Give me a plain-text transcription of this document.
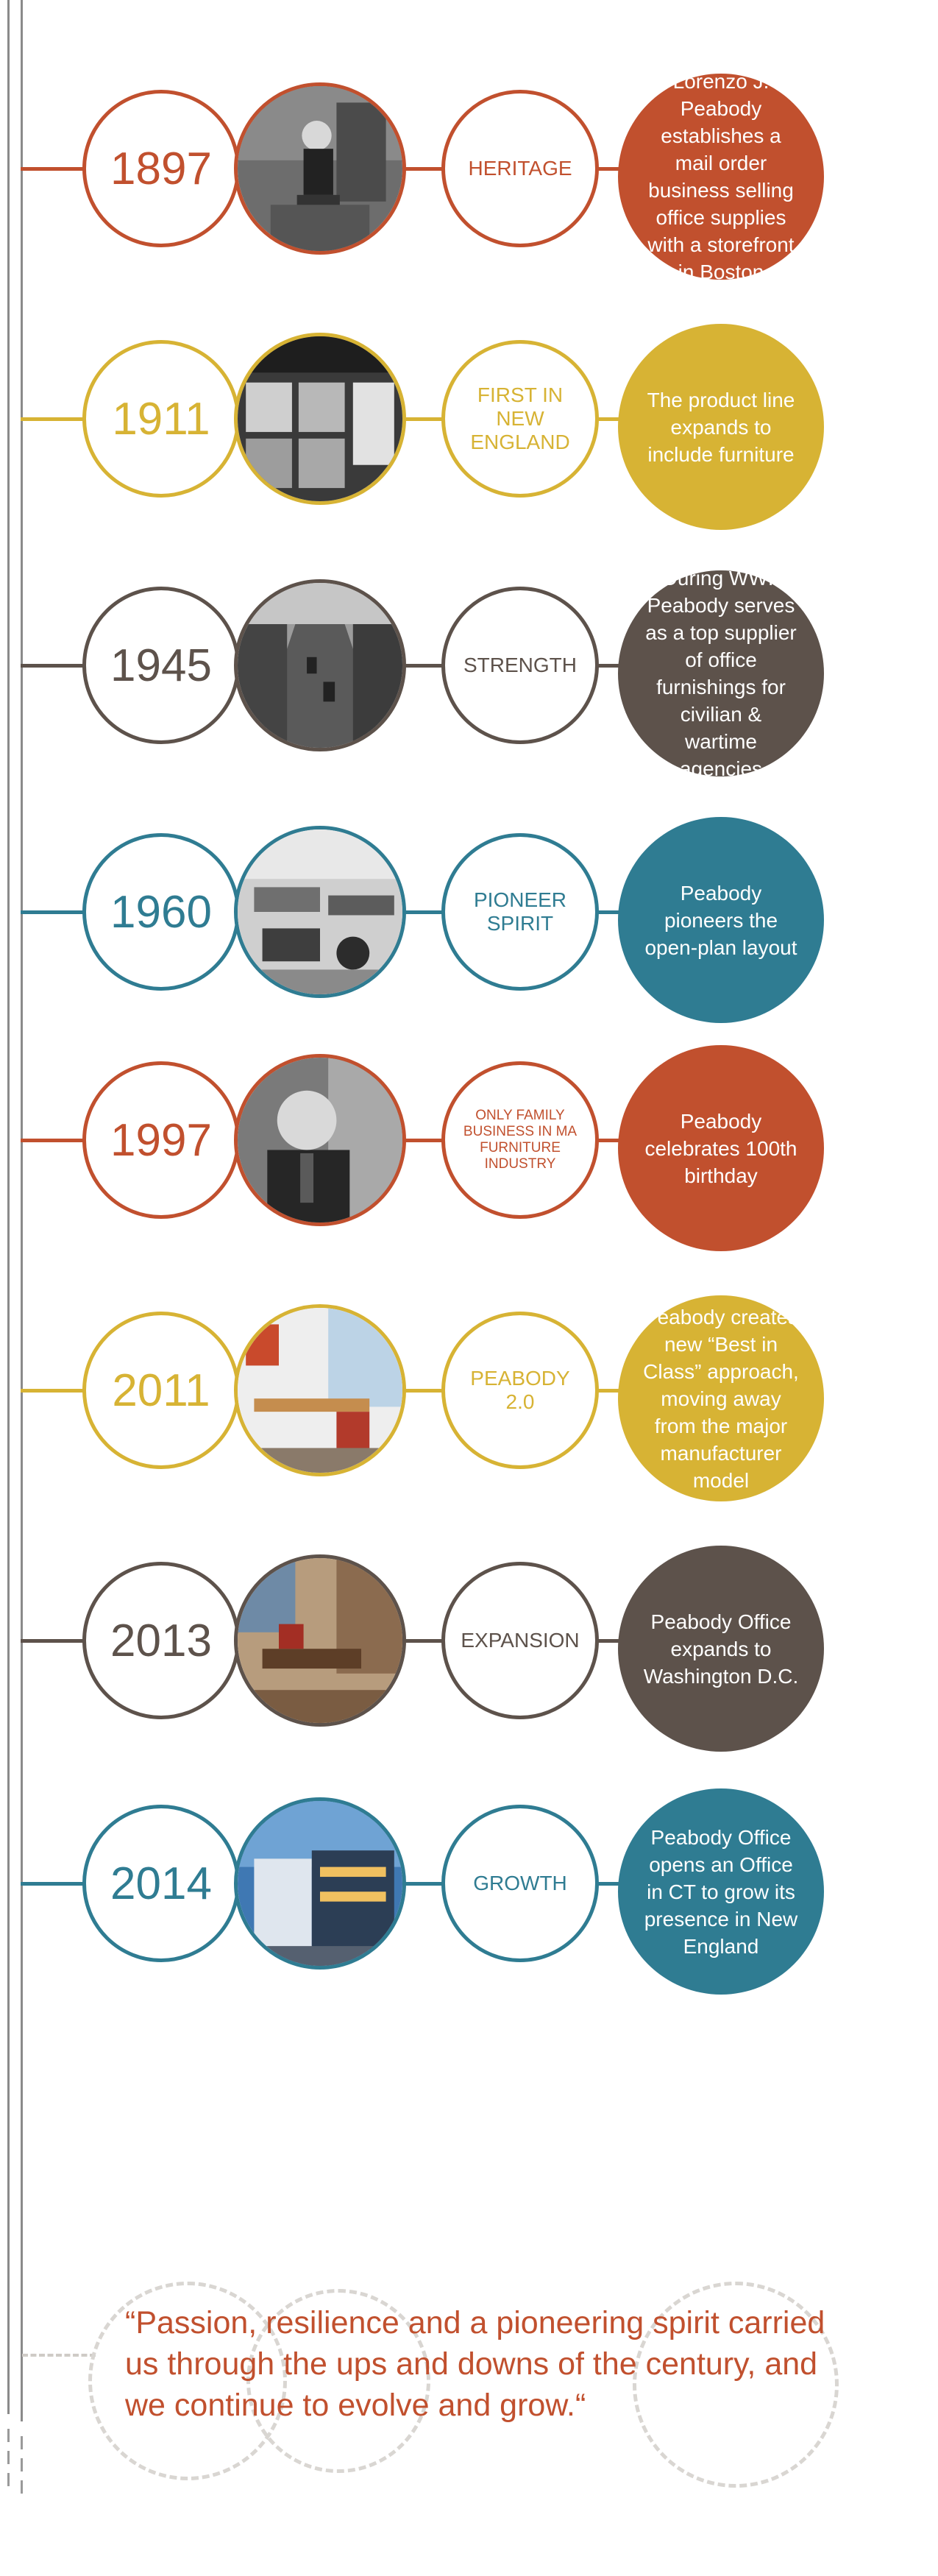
1897	HERITAGE
Lorenzo J. Peabody establishes a mail order business selling office supplies with a storefront in Boston
1911	FIRST IN NEW ENGLAND
The product line expands to include furniture
1945	STRENGTH
During WWII Peabody serves as a top supplier of office furnishings for civilian & wartime agencies
1960	PIONEER SPIRIT
Peabody pioneers the open-plan layout
1997	ONLY FAMILY BUSINESS IN MA FURNITURE INDUSTRY
Peabody celebrates 100th birthday
2011	PEABODY 2.0
Peabody creates new “Best in Class” approach, moving away from the major manufacturer model
2013	EXPANSION
Peabody Office expands to Washington D.C.
2014	GROWTH
Peabody Office opens an Office in CT to grow its presence in New England
“Passion, resilience and a pioneering spirit carried us through the ups and downs of the century, and we continue to evolve and grow.“
